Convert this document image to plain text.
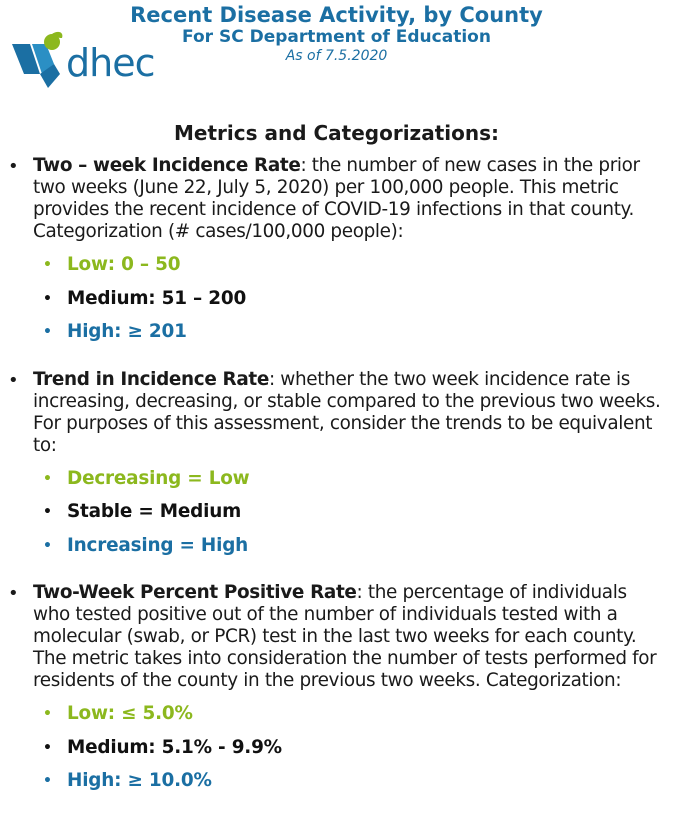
dhec
Recent Disease Activity, by County
For SC Department of Education
As of 7.5.2020
Metrics and Categorizations:
• Two – week Incidence Rate: the number of new cases in the prior two weeks (June 22, July 5, 2020) per 100,000 people. This metric provides the recent incidence of COVID-19 infections in that county. Categorization (# cases/100,000 people):
• Low: 0 – 50
• Medium: 51 – 200
• High: ≥ 201
• Trend in Incidence Rate: whether the two week incidence rate is increasing, decreasing, or stable compared to the previous two weeks. For purposes of this assessment, consider the trends to be equivalent to:
• Decreasing = Low
• Stable = Medium
• Increasing = High
• Two-Week Percent Positive Rate: the percentage of individuals who tested positive out of the number of individuals tested with a molecular (swab, or PCR) test in the last two weeks for each county. The metric takes into consideration the number of tests performed for residents of the county in the previous two weeks. Categorization:
• Low: ≤ 5.0%
• Medium: 5.1% - 9.9%
• High: ≥ 10.0%
